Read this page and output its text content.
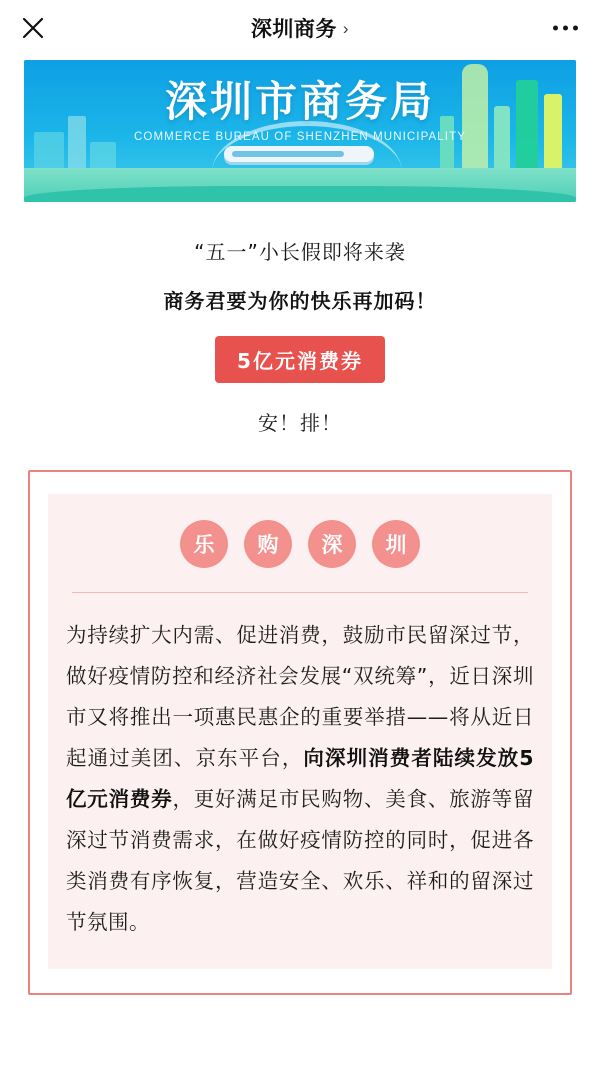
深圳商务 ›
深圳市商务局
COMMERCE BUREAU OF SHENZHEN MUNICIPALITY
“五一”小长假即将来袭
商务君要为你的快乐再加码！
5亿元消费券
安！排！
乐	购	深	圳
为持续扩大内需、促进消费，鼓励市民留深过节，做好疫情防控和经济社会发展“双统筹”，近日深圳市又将推出一项惠民惠企的重要举措——将从近日起通过美团、京东平台，向深圳消费者陆续发放5亿元消费券，更好满足市民购物、美食、旅游等留深过节消费需求，在做好疫情防控的同时，促进各类消费有序恢复，营造安全、欢乐、祥和的留深过节氛围。
